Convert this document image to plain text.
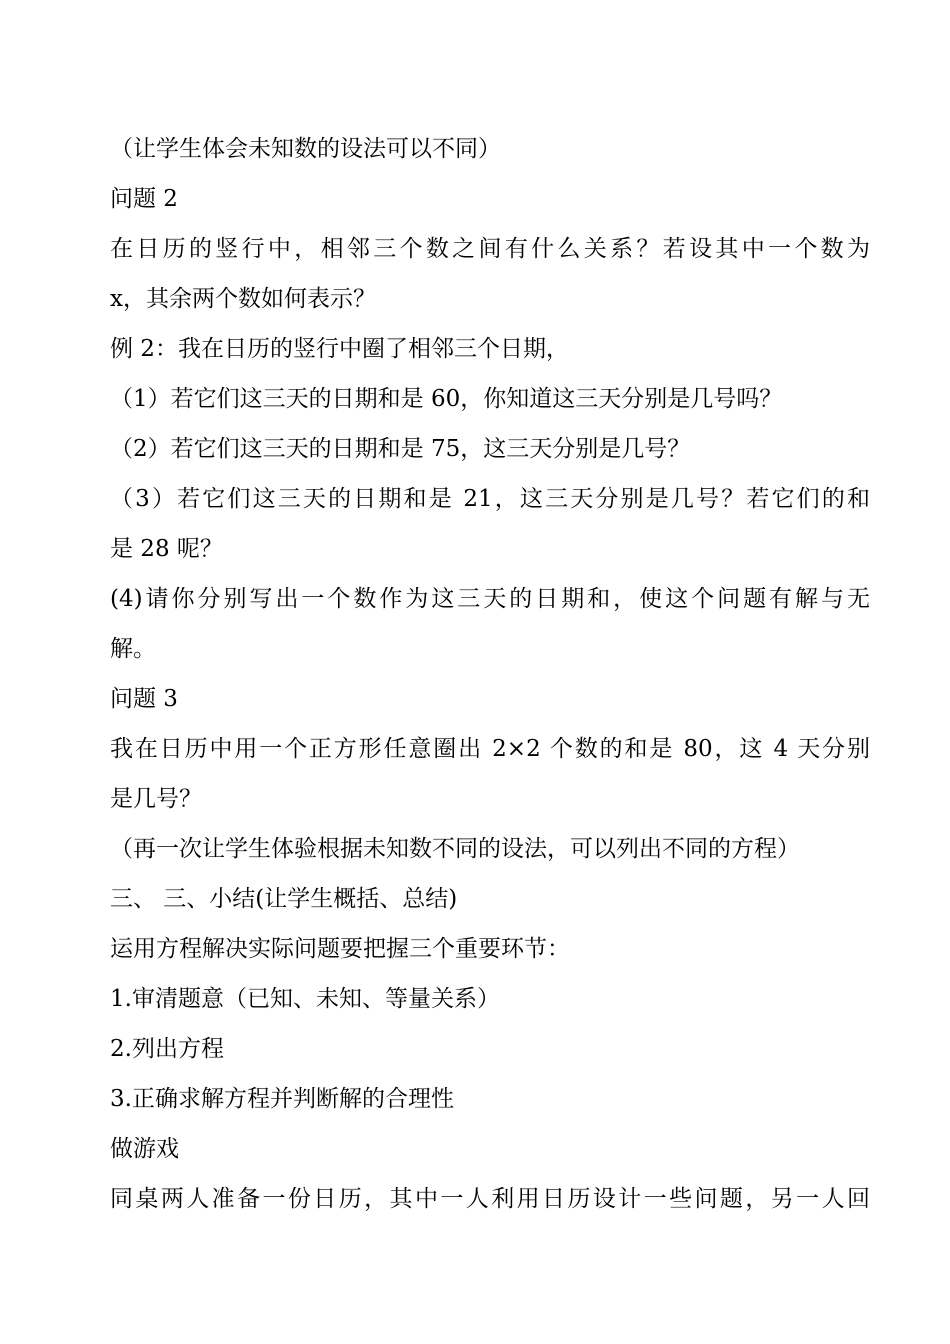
（让学生体会未知数的设法可以不同）
问题 2
在日历的竖行中，相邻三个数之间有什么关系？若设其中一个数为
x，其余两个数如何表示？
例 2：我在日历的竖行中圈了相邻三个日期，
（1）若它们这三天的日期和是 60，你知道这三天分别是几号吗？
（2）若它们这三天的日期和是 75，这三天分别是几号？
（3）若它们这三天的日期和是 21，这三天分别是几号？若它们的和
是 28 呢？
(4)请你分别写出一个数作为这三天的日期和，使这个问题有解与无
解。
问题 3
我在日历中用一个正方形任意圈出 2×2 个数的和是 80，这 4 天分别
是几号？
（再一次让学生体验根据未知数不同的设法，可以列出不同的方程）
三、 三、小结(让学生概括、总结)
运用方程解决实际问题要把握三个重要环节：
1.审清题意（已知、未知、等量关系）
2.列出方程
3.正确求解方程并判断解的合理性
做游戏
同桌两人准备一份日历，其中一人利用日历设计一些问题，另一人回
